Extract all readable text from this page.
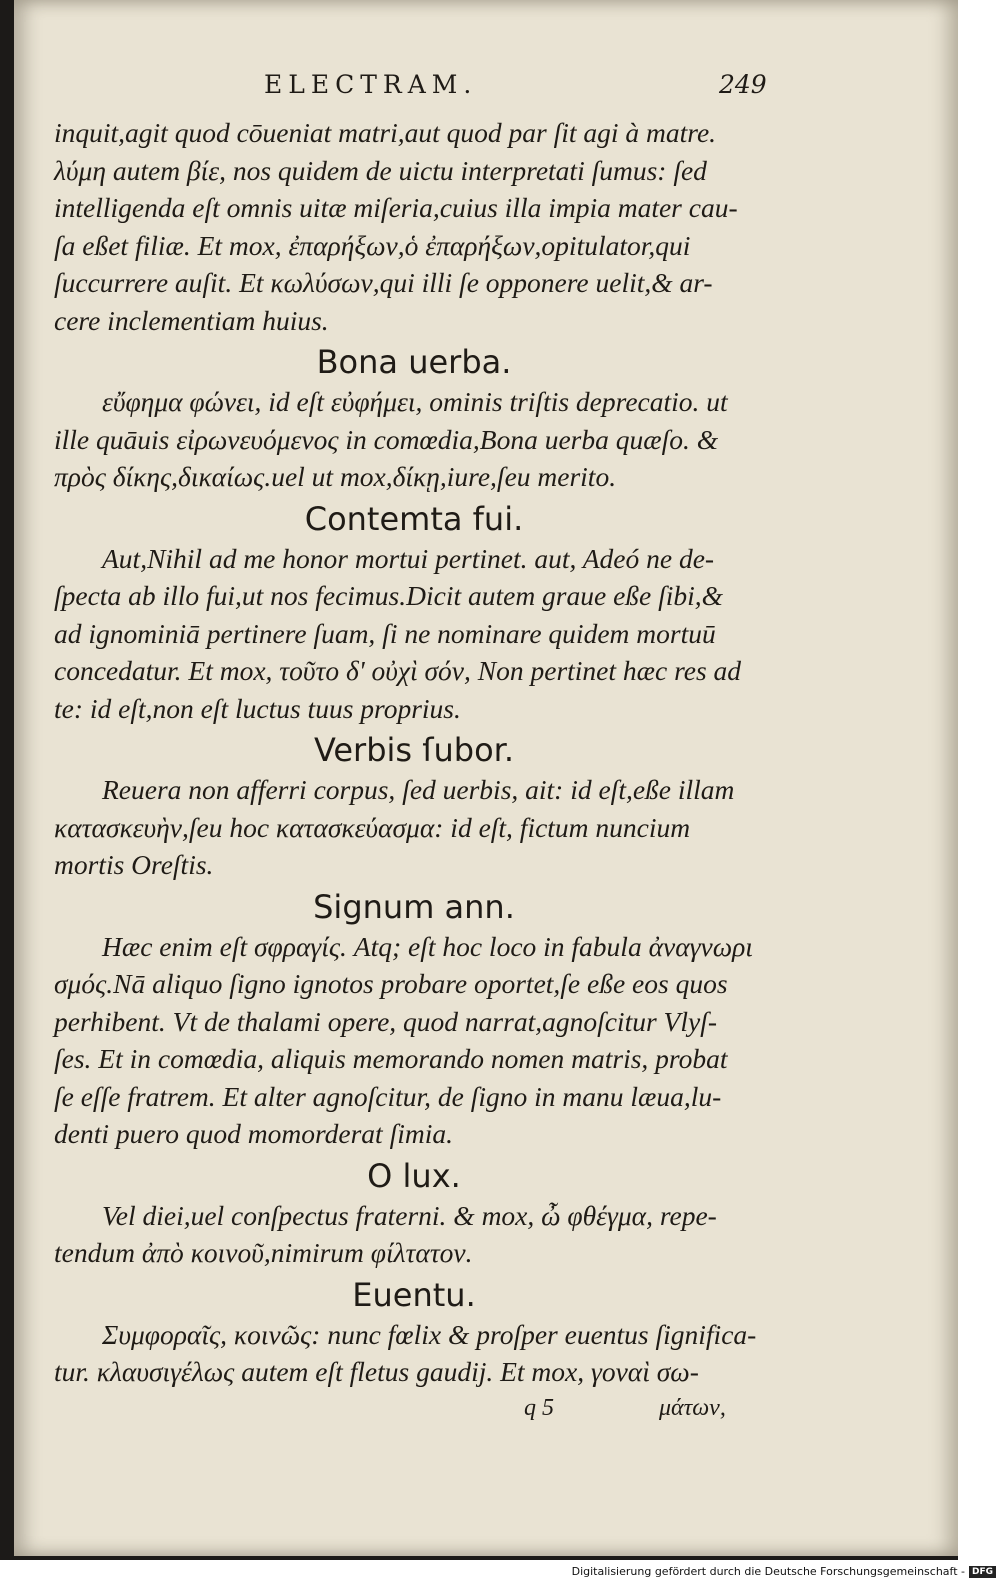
ELECTRAM.	249
inquit,agit quod cōueniat matri,aut quod par ſit agi à matre.
λύμη autem βίε, nos quidem de uictu interpretati ſumus: ſed
intelligenda eſt omnis uitæ miſeria,cuius illa impia mater cau-
ſa eßet filiæ. Et mox, ἐπαρήξων,ὁ ἐπαρήξων,opitulator,qui
ſuccurrere auſit. Et κωλύσων,qui illi ſe opponere uelit,& ar-
cere inclementiam huius.
Bona uerba.
εὔφημα φώνει, id eſt εὐφήμει, ominis triſtis deprecatio. ut
ille quāuis εἰρωνευόμενος in comœdia,Bona uerba quæſo. &
πρὸς δίκης,δικαίως.uel ut mox,δίκῃ,iure,ſeu merito.
Contemta fui.
Aut,Nihil ad me honor mortui pertinet. aut, Adeó ne de-
ſpecta ab illo fui,ut nos fecimus.Dicit autem graue eße ſibi,&
ad ignominiā pertinere ſuam, ſi ne nominare quidem mortuū
concedatur. Et mox, τοῦτο δ' οὐχὶ σόν, Non pertinet hæc res ad
te: id eſt,non eſt luctus tuus proprius.
Verbis ſubor.
Reuera non afferri corpus, ſed uerbis, ait: id eſt,eße illam
κατασκευὴν,ſeu hoc κατασκεύασμα: id eſt, fictum nuncium
mortis Oreſtis.
Signum ann.
Hæc enim eſt σφραγίς. Atq; eſt hoc loco in fabula ἀναγνωρι
σμός.Nā aliquo ſigno ignotos probare oportet,ſe eße eos quos
perhibent. Vt de thalami opere, quod narrat,agnoſcitur Vlyſ-
ſes. Et in comœdia, aliquis memorando nomen matris, probat
ſe eſſe fratrem. Et alter agnoſcitur, de ſigno in manu læua,lu-
denti puero quod momorderat ſimia.
O lux.
Vel diei,uel conſpectus fraterni. & mox, ὦ φθέγμα, repe-
tendum ἀπὸ κοινοῦ,nimirum φίλτατον.
Euentu.
Συμφοραῖς, κοινῶς: nunc fœlix & proſper euentus ſignifica-
tur. κλαυσιγέλως autem eſt fletus gaudij. Et mox, γοναὶ σω-
q 5	μάτων,
Digitalisierung gefördert durch die Deutsche Forschungsgemeinschaft - DFG
